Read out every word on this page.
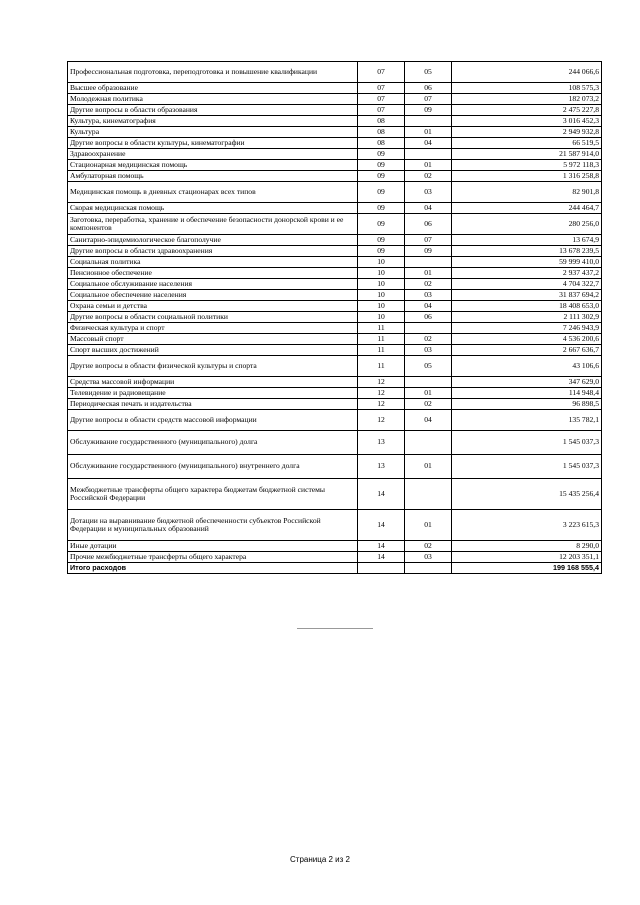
Профессиональная подготовка, переподготовка и повышение квалификации	07	05	244 066,6
Высшее образование	07	06	108 575,3
Молодежная политика	07	07	182 073,2
Другие вопросы в области образования	07	09	2 475 227,8
Культура, кинематография	08		3 016 452,3
Культура	08	01	2 949 932,8
Другие вопросы в области культуры, кинематографии	08	04	66 519,5
Здравоохранение	09		21 587 914,0
Стационарная медицинская помощь	09	01	5 972 118,3
Амбулаторная помощь	09	02	1 316 258,8
Медицинская помощь в дневных стационарах всех типов	09	03	82 901,8
Скорая медицинская помощь	09	04	244 464,7
Заготовка, переработка, хранение и обеспечение безопасности донорской крови и ее компонентов	09	06	280 256,0
Санитарно-эпидемиологическое благополучие	09	07	13 674,9
Другие вопросы в области здравоохранения	09	09	13 678 239,5
Социальная политика	10		59 999 410,0
Пенсионное обеспечение	10	01	2 937 437,2
Социальное обслуживание населения	10	02	4 704 322,7
Социальное обеспечение населения	10	03	31 837 694,2
Охрана семьи и детства	10	04	18 408 653,0
Другие вопросы в области социальной политики	10	06	2 111 302,9
Физическая культура и спорт	11		7 246 943,9
Массовый спорт	11	02	4 536 200,6
Спорт высших достижений	11	03	2 667 636,7
Другие вопросы в области физической культуры и спорта	11	05	43 106,6
Средства массовой информации	12		347 629,0
Телевидение и радиовещание	12	01	114 948,4
Периодическая печать и издательства	12	02	96 898,5
Другие вопросы в области средств массовой информации	12	04	135 782,1
Обслуживание государственного (муниципального) долга	13		1 545 037,3
Обслуживание государственного (муниципального) внутреннего долга	13	01	1 545 037,3
Межбюджетные трансферты общего характера бюджетам бюджетной системы Российской Федерации	14		15 435 256,4
Дотации на выравнивание бюджетной обеспеченности субъектов Российской Федерации и муниципальных образований	14	01	3 223 615,3
Иные дотации	14	02	8 290,0
Прочие межбюджетные трансферты общего характера	14	03	12 203 351,1
Итого расходов			199 168 555,4
Страница 2 из 2
